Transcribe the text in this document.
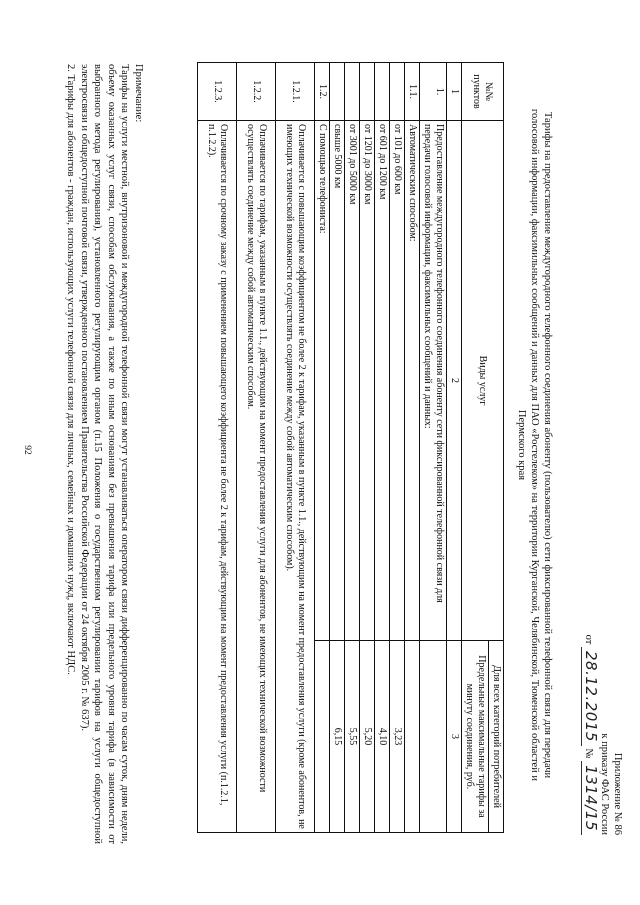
Приложение № 86
к приказу ФАС России
от 28.12.2015 № 1314/15
Тарифы на предоставление междугородного телефонного соединения абоненту (пользователю) сети фиксированной телефонной связи для передачи
голосовой информации, факсимильных сообщений и данных для ПАО «Ростелеком» на территории Курганской, Челябинской, Тюменской областей и
Пермского края
№№ пунктов	Виды услуг	Для всех категорий потребителей
		Предельные максимальные тарифы за минуту соединения, руб.
1	2	3
1.	Предоставление междугородного телефонного соединения абоненту сети фиксированной телефонной связи для передачи голосовой информации, факсимильных сообщений и данных:	
1.1.	Автоматическим способом:	
	от 101 до 600 км	3,23
	от 601 до 1200 км	4,10
	от 1201 до 3000 км	5,20
	от 3001 до 5000 км	5,55
	свыше 5000 км	6,15
1.2.	С помощью телефониста:	
1.2.1.	Оплачивается с повышающим коэффициентом не более 2 к тарифам, указанным в пункте 1.1., действующим на момент предоставления услуги (кроме абонентов, не имеющих технической возможности осуществлять соединение между собой автоматическим способом).	
1.2.2.	Оплачивается по тарифам, указанным в пункте 1.1., действующим на момент предоставления услуги для абонентов, не имеющих технической возможности осуществлять соединение между собой автоматическим способом.	
1.2.3.	Оплачивается по срочному заказу с применением повышающего коэффициента не более 2 к тарифам, действующим на момент предоставления услуги (п.1.2.1, п.1.2.2).	

Примечание:

Тарифы на услуги местной, внутризоновой и междугородной телефонной связи могут устанавливаться оператором связи дифференцированно по часам суток, дням недели, объему оказанных услуг связи, способам обслуживания, а также по иным основаниям без превышения тарифа или предельного уровня тарифа (в зависимости от выбранного метода регулирования), установленного регулирующим органом (п.15 Положения о государственном регулировании тарифов на услуги общедоступной электросвязи и общедоступной почтовой связи, утвержденного постановлением Правительства Российской Федерации от 24 октября 2005 г. № 637).

2. Тарифы для абонентов - граждан, использующих услуги телефонной связи для личных, семейных и домашних нужд, включают НДС.

92
